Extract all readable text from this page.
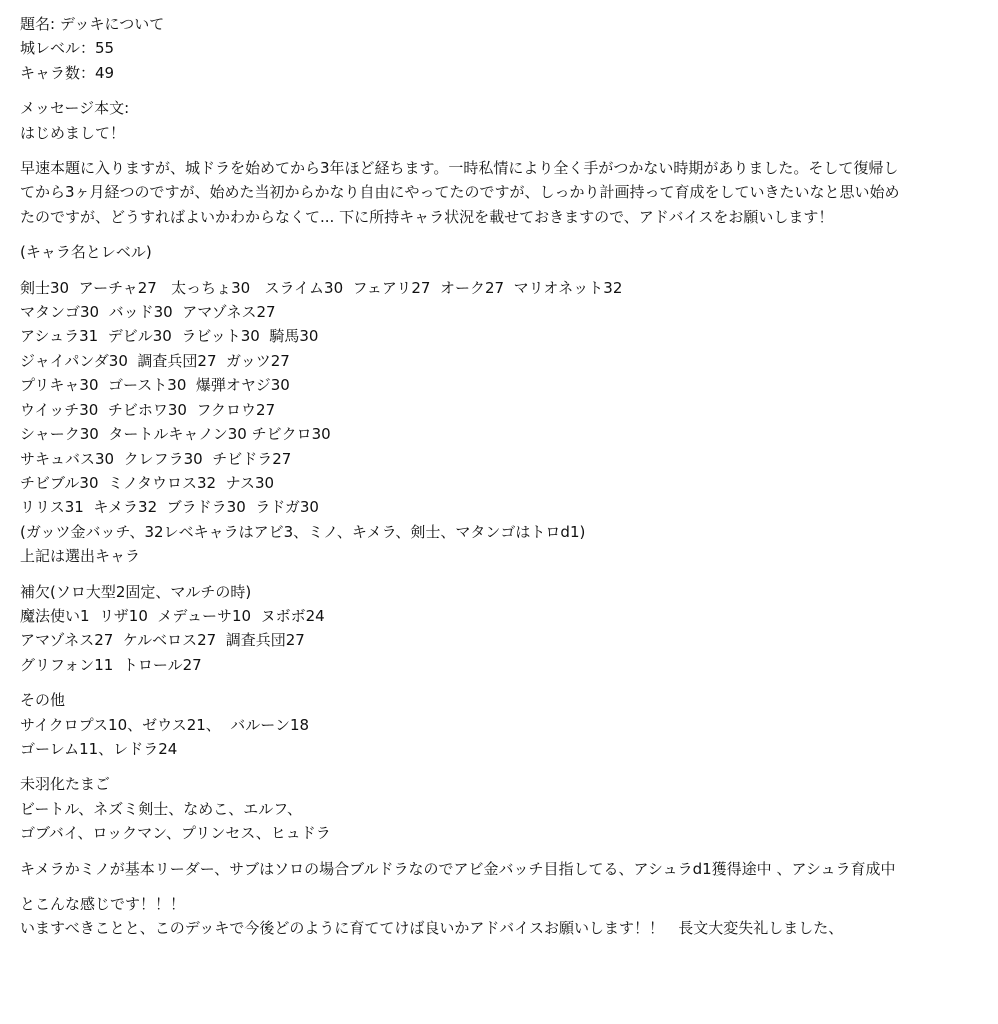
題名: デッキについて
城レベル：55
キャラ数：49
メッセージ本文:
はじめまして！
早速本題に入りますが、城ドラを始めてから3年ほど経ちます。一時私情により全く手がつかない時期がありました。そして復帰し
てから3ヶ月経つのですが、始めた当初からかなり自由にやってたのですが、しっかり計画持って育成をしていきたいなと思い始め
たのですが、どうすればよいかわからなくて... 下に所持キャラ状況を載せておきますので、アドバイスをお願いします！
(キャラ名とレベル)
剣士30  アーチャ27   太っちょ30   スライム30  フェアリ27  オーク27  マリオネット32
マタンゴ30  バッド30  アマゾネス27
アシュラ31  デビル30  ラビット30  騎馬30
ジャイパンダ30  調査兵団27  ガッツ27
プリキャ30  ゴースト30  爆弾オヤジ30
ウイッチ30  チビホワ30  フクロウ27
シャーク30  タートルキャノン30 チビクロ30
サキュバス30  クレフラ30  チビドラ27
チビブル30  ミノタウロス32  ナス30
リリス31  キメラ32  ブラドラ30  ラドガ30
(ガッツ金バッチ、32レベキャラはアビ3、ミノ、キメラ、剣士、マタンゴはトロd1)
上記は選出キャラ
補欠(ソロ大型2固定、マルチの時)
魔法使い1  リザ10  メデューサ10  ヌボボ24
アマゾネス27  ケルベロス27  調査兵団27
グリフォン11  トロール27
その他
サイクロプス10、ゼウス21、  バルーン18
ゴーレム11、レドラ24
未羽化たまご
ビートル、ネズミ剣士、なめこ、エルフ、
ゴブバイ、ロックマン、プリンセス、ヒュドラ
キメラかミノが基本リーダー、サブはソロの場合ブルドラなのでアビ金バッチ目指してる、アシュラd1獲得途中 、アシュラ育成中
とこんな感じです！！！
いますべきことと、このデッキで今後どのように育ててけば良いかアドバイスお願いします！！   長文大変失礼しました、
